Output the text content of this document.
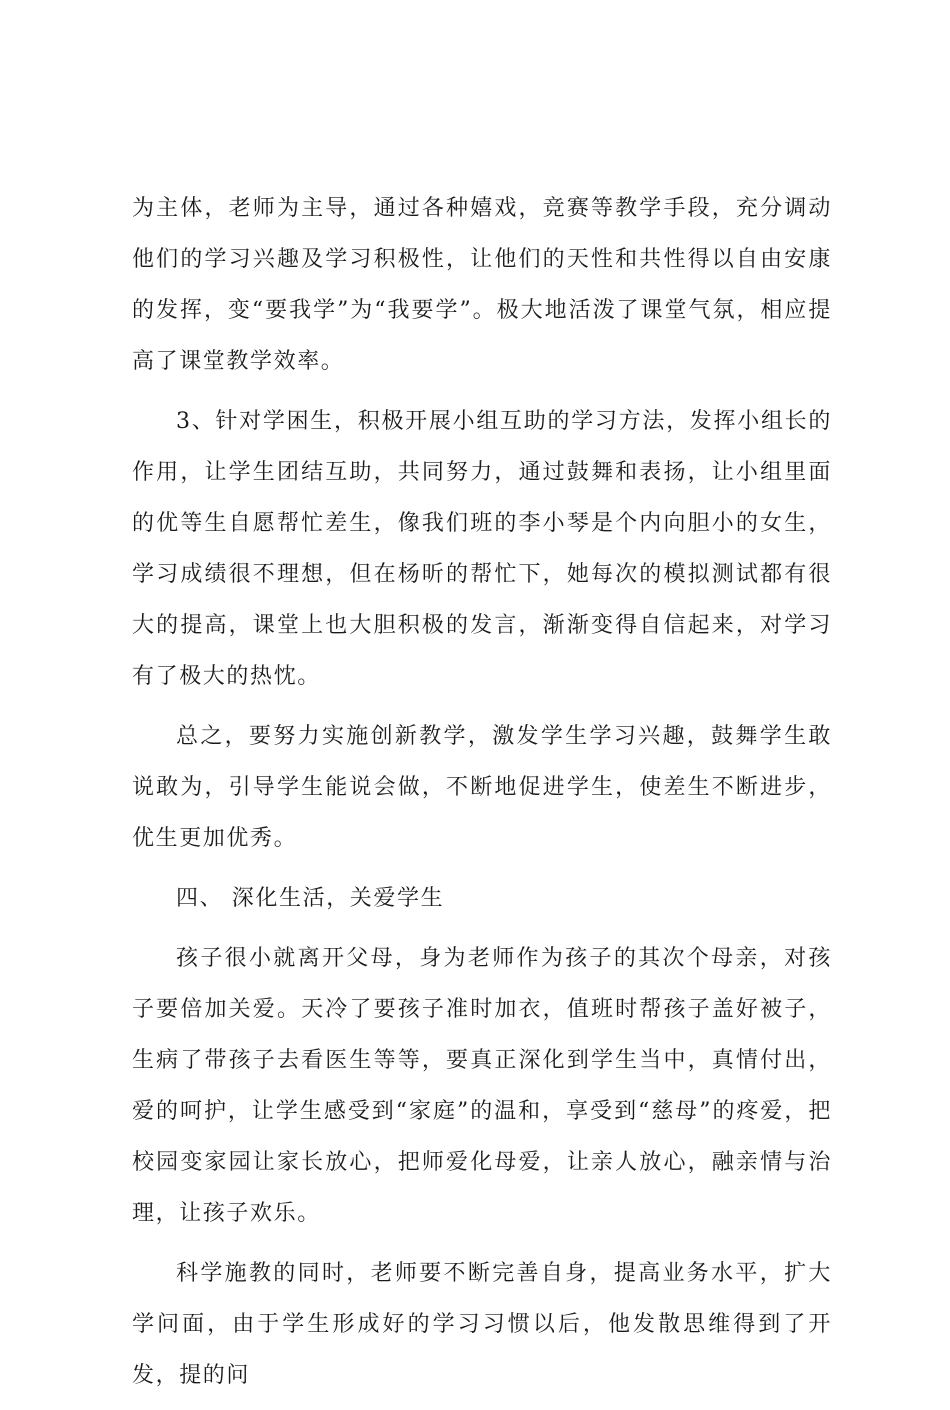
为主体，老师为主导，通过各种嬉戏，竞赛等教学手段，充分调动他们的学习兴趣及学习积极性，让他们的天性和共性得以自由安康的发挥，变“要我学”为“我要学”。极大地活泼了课堂气氛，相应提高了课堂教学效率。

3、针对学困生，积极开展小组互助的学习方法，发挥小组长的作用，让学生团结互助，共同努力，通过鼓舞和表扬，让小组里面的优等生自愿帮忙差生，像我们班的李小琴是个内向胆小的女生，学习成绩很不理想，但在杨昕的帮忙下，她每次的模拟测试都有很大的提高，课堂上也大胆积极的发言，渐渐变得自信起来，对学习有了极大的热忱。

总之，要努力实施创新教学，激发学生学习兴趣，鼓舞学生敢说敢为，引导学生能说会做，不断地促进学生，使差生不断进步，优生更加优秀。

四、 深化生活，关爱学生

孩子很小就离开父母，身为老师作为孩子的其次个母亲，对孩子要倍加关爱。天冷了要孩子准时加衣，值班时帮孩子盖好被子，生病了带孩子去看医生等等，要真正深化到学生当中，真情付出，爱的呵护，让学生感受到“家庭”的温和，享受到“慈母”的疼爱，把校园变家园让家长放心，把师爱化母爱，让亲人放心，融亲情与治理，让孩子欢乐。

科学施教的同时，老师要不断完善自身，提高业务水平，扩大学问面，由于学生形成好的学习习惯以后，他发散思维得到了开发，提的问
